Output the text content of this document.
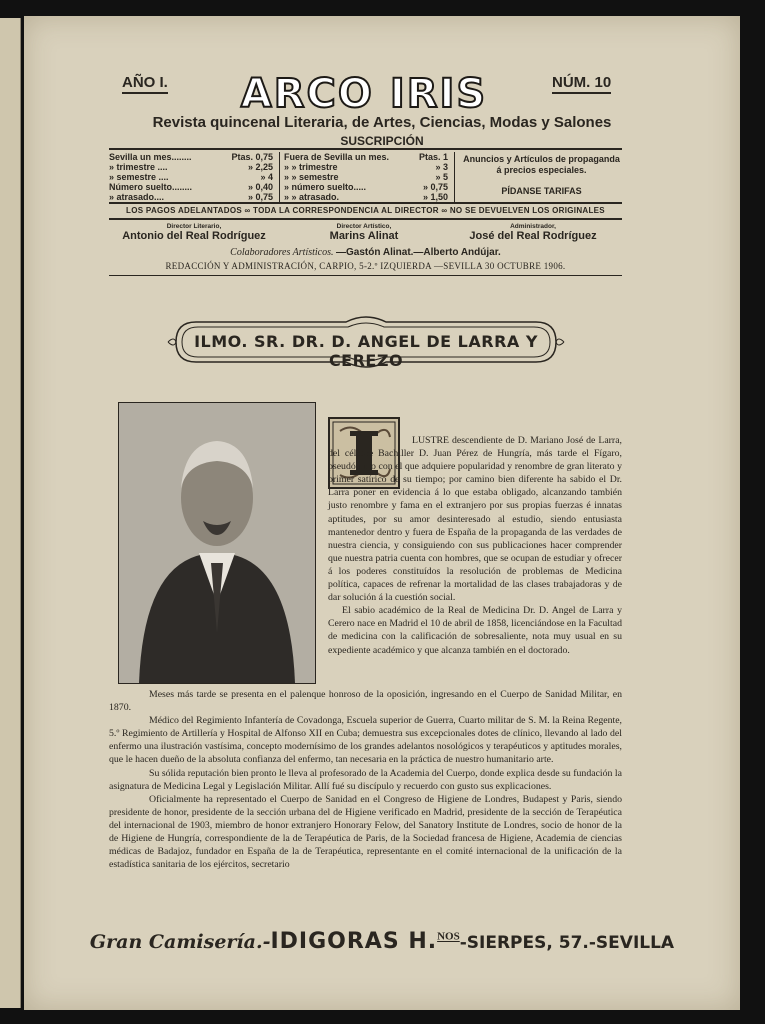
AÑO I.	ARCO IRIS	NÚM. 10
Revista quincenal Literaria, de Artes, Ciencias, Modas y Salones
SUSCRIPCIÓN
Sevilla un mes........	Ptas. 0,75
» trimestre ....	» 2,25
» semestre ....	» 4
Número suelto........	» 0,40
» atrasado....	» 0,75
Fuera de Sevilla un mes.	Ptas. 1
» » trimestre	» 3
» » semestre	» 5
» número suelto.....	» 0,75
» » atrasado.	» 1,50
Anuncios y Artículos de propaganda á precios especiales.
PÍDANSE TARIFAS
LOS PAGOS ADELANTADOS ∞ TODA LA CORRESPONDENCIA AL DIRECTOR ∞ NO SE DEVUELVEN LOS ORIGINALES
Director Literario,
Antonio del Real Rodríguez
Director Artístico,
Marins Alinat
Administrador,
José del Real Rodríguez
Colaboradores Artísticos. —Gastón Alinat.—Alberto Andújar.
REDACCIÓN Y ADMINISTRACIÓN, CARPIO, 5-2.º IZQUIERDA —SEVILLA 30 OCTUBRE 1906.
ILMO. SR. DR. D. ANGEL DE LARRA Y CEREZO

LUSTRE descendiente de D. Mariano José de Larra, del célebre Bachiller D. Juan Pérez de Hungría, más tarde el Fígaro, pseudónimo con el que adquiere popularidad y renombre de gran literato y primer satírico de su tiempo; por camino bien diferente ha sabido el Dr. Larra poner en evidencia á lo que estaba obligado, alcanzando también justo renombre y fama en el extranjero por sus propias fuerzas é innatas aptitudes, por su amor desinteresado al estudio, siendo entusiasta mantenedor dentro y fuera de España de la propaganda de las verdades de nuestra ciencia, y consiguiendo con sus publicaciones hacer comprender que nuestra patria cuenta con hombres, que se ocupan de estudiar y ofrecer á los poderes constituídos la resolución de problemas de Medicina política, capaces de refrenar la mortalidad de las clases trabajadoras y de dar solución á la cuestión social.

El sabio académico de la Real de Medicina Dr. D. Angel de Larra y Cerero nace en Madrid el 10 de abril de 1858, licenciándose en la Facultad de medicina con la calificación de sobresaliente, nota muy usual en su expediente académico y que alcanza también en el doctorado.

Meses más tarde se presenta en el palenque honroso de la oposición, ingresando en el Cuerpo de Sanidad Militar, en 1870.

Médico del Regimiento Infantería de Covadonga, Escuela superior de Guerra, Cuarto militar de S. M. la Reina Regente, 5.º Regimiento de Artillería y Hospital de Alfonso XII en Cuba; demuestra sus excepcionales dotes de clínico, llevando al lado del enfermo una ilustración vastísima, concepto modernísimo de los grandes adelantos nosológicos y terapéuticos y aptitudes morales, que le hacen dueño de la absoluta confianza del enfermo, tan necesaria en la práctica de nuestro humanitario arte.

Su sólida reputación bien pronto le lleva al profesorado de la Academia del Cuerpo, donde explica desde su fundación la asignatura de Medicina Legal y Legislación Militar. Allí fué su discípulo y recuerdo con gusto sus explicaciones.

Oficialmente ha representado el Cuerpo de Sanidad en el Congreso de Higiene de Londres, Budapest y Paris, siendo presidente de honor, presidente de la sección urbana del de Higiene verificado en Madrid, presidente de la sección de Terapéutica del internacional de 1903, miembro de honor extranjero Honorary Felow, del Sanatory Institute de Londres, socio de honor de la de Higiene de Hungría, correspondiente de la de Terapéutica de Paris, de la Sociedad francesa de Higiene, Academia de ciencias médicas de Badajoz, fundador en España de la de Terapéutica, representante en el comité internacional de la unificación de la estadística sanitaria de los ejércitos, secretario

Gran Camisería.-IDIGORAS H.$^{NOS}$-SIERPES, 57.-SEVILLA
